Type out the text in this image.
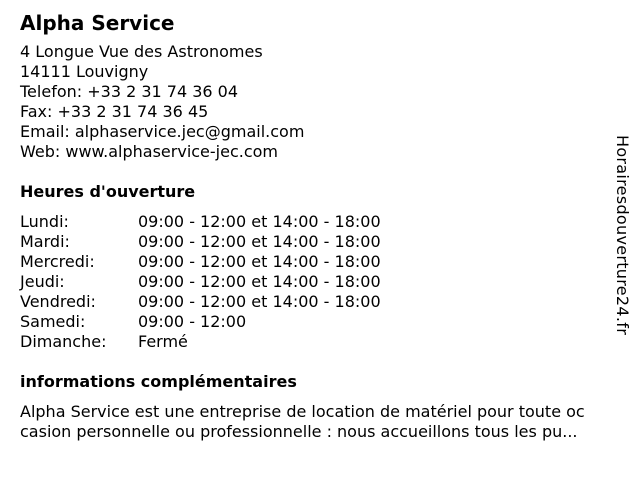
Alpha Service
4 Longue Vue des Astronomes
14111 Louvigny
Telefon: +33 2 31 74 36 04
Fax: +33 2 31 74 36 45
Email: alphaservice.jec@gmail.com
Web: www.alphaservice-jec.com
Heures d'ouverture
Lundi:	09:00 - 12:00 et 14:00 - 18:00
Mardi:	09:00 - 12:00 et 14:00 - 18:00
Mercredi:	09:00 - 12:00 et 14:00 - 18:00
Jeudi:	09:00 - 12:00 et 14:00 - 18:00
Vendredi:	09:00 - 12:00 et 14:00 - 18:00
Samedi:	09:00 - 12:00
Dimanche:	Fermé
informations complémentaires
Alpha Service est une entreprise de location de matériel pour toute oc
casion personnelle ou professionnelle : nous accueillons tous les pu...
Horairesdouverture24.fr
